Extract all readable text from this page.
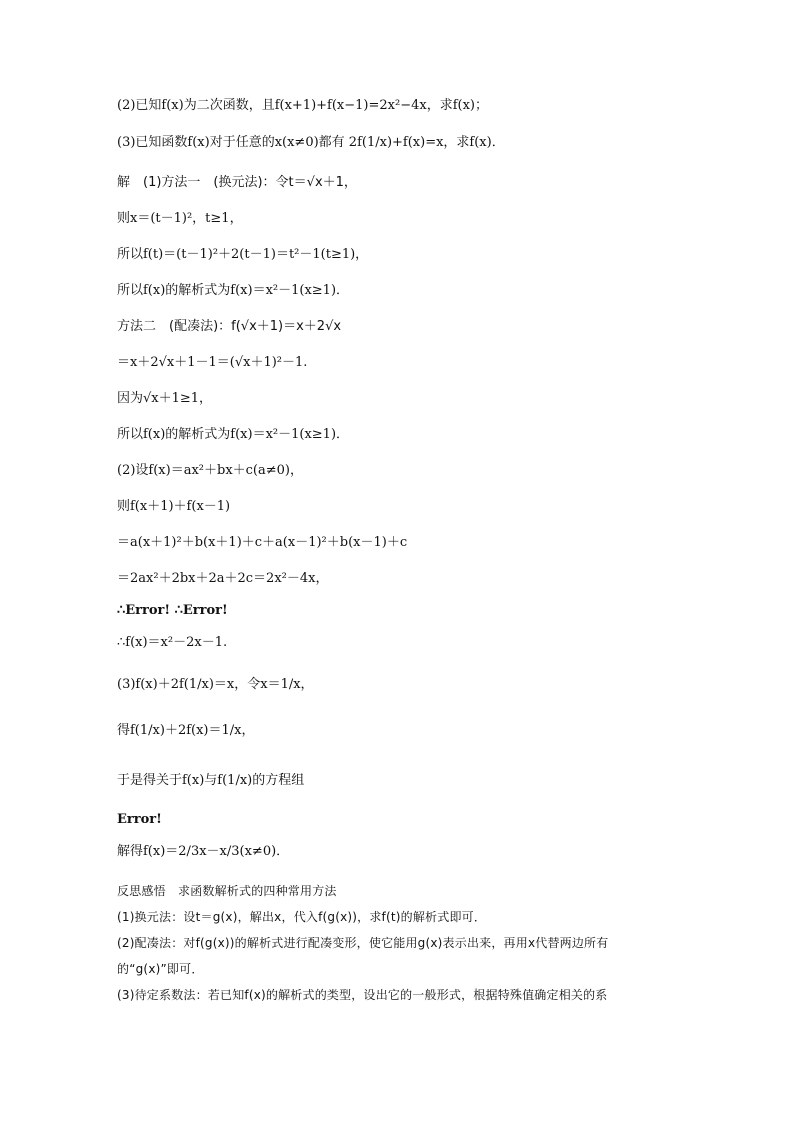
(2)已知f(x)为二次函数，且f(x+1)+f(x−1)=2x²−4x，求f(x)；
(3)已知函数f(x)对于任意的x(x≠0)都有 2f(1/x)+f(x)=x，求f(x)．
解　(1)方法一　(换元法)：令t＝√x＋1，
则x＝(t－1)²，t≥1，
所以f(t)＝(t－1)²＋2(t－1)＝t²－1(t≥1)，
所以f(x)的解析式为f(x)＝x²－1(x≥1)．
方法二　(配凑法)：f(√x＋1)＝x＋2√x
＝x＋2√x＋1－1＝(√x＋1)²－1.
因为√x＋1≥1，
所以f(x)的解析式为f(x)＝x²－1(x≥1)．
(2)设f(x)＝ax²＋bx＋c(a≠0)，
则f(x＋1)＋f(x－1)
＝a(x＋1)²＋b(x＋1)＋c＋a(x－1)²＋b(x－1)＋c
＝2ax²＋2bx＋2a＋2c＝2x²－4x，
∴Error! ∴Error!
∴f(x)＝x²－2x－1.
(3)f(x)＋2f(1/x)＝x，令x＝1/x，
得f(1/x)＋2f(x)＝1/x，
于是得关于f(x)与f(1/x)的方程组
Error!
解得f(x)＝2/3x－x/3(x≠0)．
反思感悟　求函数解析式的四种常用方法
(1)换元法：设t＝g(x)，解出x，代入f(g(x))，求f(t)的解析式即可．
(2)配凑法：对f(g(x))的解析式进行配凑变形，使它能用g(x)表示出来，再用x代替两边所有
的“g(x)”即可．
(3)待定系数法：若已知f(x)的解析式的类型，设出它的一般形式，根据特殊值确定相关的系
